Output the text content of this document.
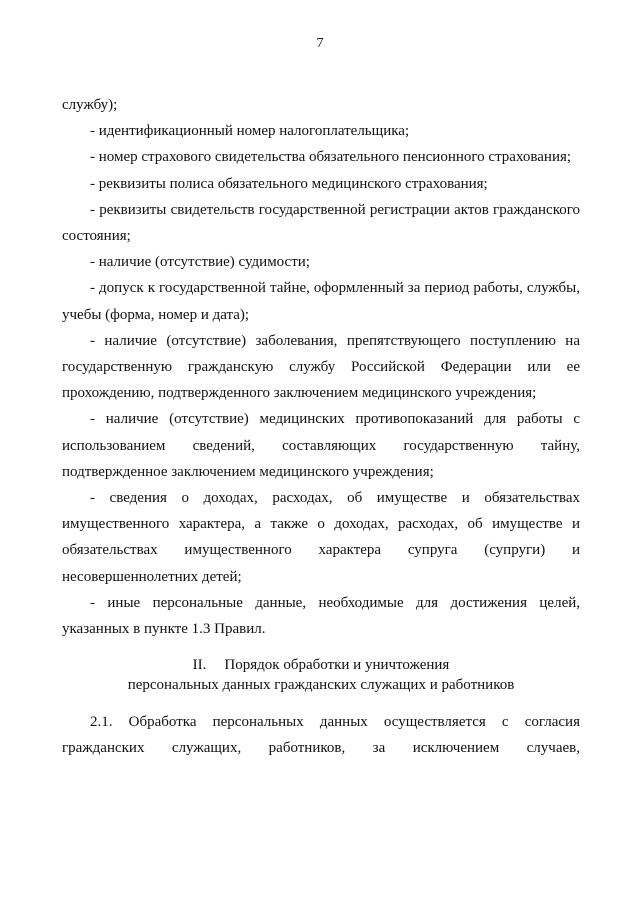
7

службу);

- идентификационный номер налогоплательщика;

- номер страхового свидетельства обязательного пенсионного страхования;

- реквизиты полиса обязательного медицинского страхования;

- реквизиты свидетельств государственной регистрации актов гражданского состояния;

- наличие (отсутствие) судимости;

- допуск к государственной тайне, оформленный за период работы, службы, учебы (форма, номер и дата);

- наличие (отсутствие) заболевания, препятствующего поступлению на государственную гражданскую службу Российской Федерации или ее прохождению, подтвержденного заключением медицинского учреждения;

- наличие (отсутствие) медицинских противопоказаний для работы с использованием сведений, составляющих государственную тайну, подтвержденное заключением медицинского учреждения;

- сведения о доходах, расходах, об имуществе и обязательствах имущественного характера, а также о доходах, расходах, об имуществе и обязательствах имущественного характера супруга (супруги) и несовершеннолетних детей;

- иные персональные данные, необходимые для достижения целей, указанных в пункте 1.3 Правил.

II. Порядок обработки и уничтожения
персональных данных гражданских служащих и работников

2.1. Обработка персональных данных осуществляется с согласия гражданских служащих, работников, за исключением случаев,
